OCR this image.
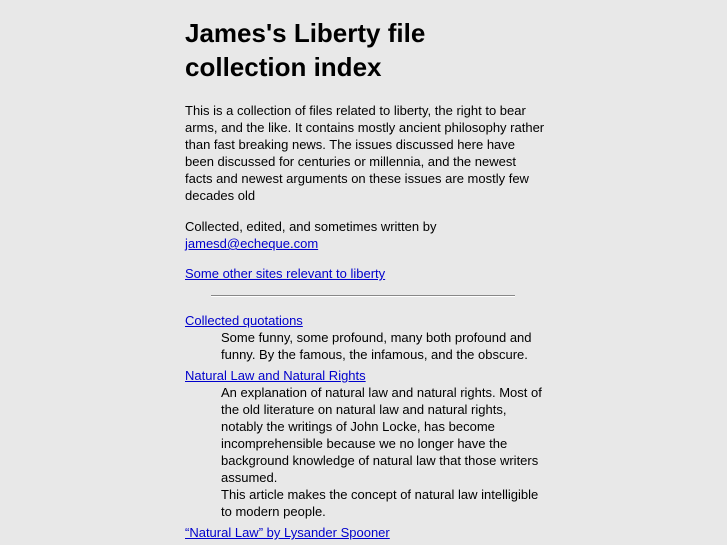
James's Liberty file collection index

This is a collection of files related to liberty, the right to bear arms, and the like. It contains mostly ancient philosophy rather than fast breaking news. The issues discussed here have been discussed for centuries or millennia, and the newest facts and newest arguments on these issues are mostly few decades old

Collected, edited, and sometimes written by
jamesd@echeque.com

Some other sites relevant to liberty

Collected quotations

Some funny, some profound, many both profound and funny. By the famous, the infamous, and the obscure.

Natural Law and Natural Rights

An explanation of natural law and natural rights. Most of the old literature on natural law and natural rights, notably the writings of John Locke, has become incomprehensible because we no longer have the background knowledge of natural law that those writers assumed.

This article makes the concept of natural law intelligible to modern people.

“Natural Law” by Lysander Spooner
